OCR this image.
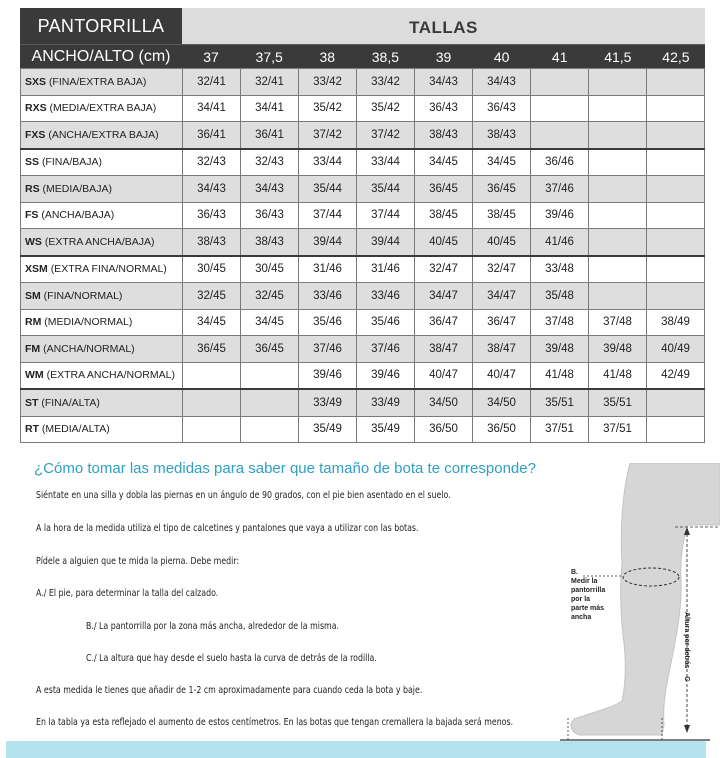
PANTORRILLA	TALLAS
ANCHO/ALTO (cm)	37	37,5	38	38,5	39	40	41	41,5	42,5
SXS (FINA/EXTRA BAJA)	32/41	32/41	33/42	33/42	34/43	34/43			
RXS (MEDIA/EXTRA BAJA)	34/41	34/41	35/42	35/42	36/43	36/43			
FXS (ANCHA/EXTRA BAJA)	36/41	36/41	37/42	37/42	38/43	38/43			
SS (FINA/BAJA)	32/43	32/43	33/44	33/44	34/45	34/45	36/46		
RS (MEDIA/BAJA)	34/43	34/43	35/44	35/44	36/45	36/45	37/46		
FS (ANCHA/BAJA)	36/43	36/43	37/44	37/44	38/45	38/45	39/46		
WS (EXTRA ANCHA/BAJA)	38/43	38/43	39/44	39/44	40/45	40/45	41/46		
XSM (EXTRA FINA/NORMAL)	30/45	30/45	31/46	31/46	32/47	32/47	33/48		
SM (FINA/NORMAL)	32/45	32/45	33/46	33/46	34/47	34/47	35/48		
RM (MEDIA/NORMAL)	34/45	34/45	35/46	35/46	36/47	36/47	37/48	37/48	38/49
FM (ANCHA/NORMAL)	36/45	36/45	37/46	37/46	38/47	38/47	39/48	39/48	40/49
WM (EXTRA ANCHA/NORMAL)			39/46	39/46	40/47	40/47	41/48	41/48	42/49
ST (FINA/ALTA)			33/49	33/49	34/50	34/50	35/51	35/51	
RT (MEDIA/ALTA)			35/49	35/49	36/50	36/50	37/51	37/51	
¿Cómo tomar las medidas para saber que tamaño de bota te corresponde?
Siéntate en una silla y dobla las piernas en un ángulo de 90 grados, con el pie bien asentado en el suelo.
A la hora de la medida utiliza el tipo de calcetines y pantalones que vaya a utilizar con las botas.
Pídele a alguien que te mida la pierna. Debe medir:
A./ El pie, para determinar la talla del calzado.
B./ La pantorrilla por la zona más ancha, alrededor de la misma.
C./ La altura que hay desde el suelo hasta la curva de detrás de la rodilla.
A esta medida le tienes que añadir de 1-2 cm aproximadamente para cuando ceda la bota y baje.
En la tabla ya esta reflejado el aumento de estos centímetros. En las botas que tengan cremallera la bajada será menos.
B.
Medir la
pantorrilla
por la
parte más
ancha	Altura por detrás C
